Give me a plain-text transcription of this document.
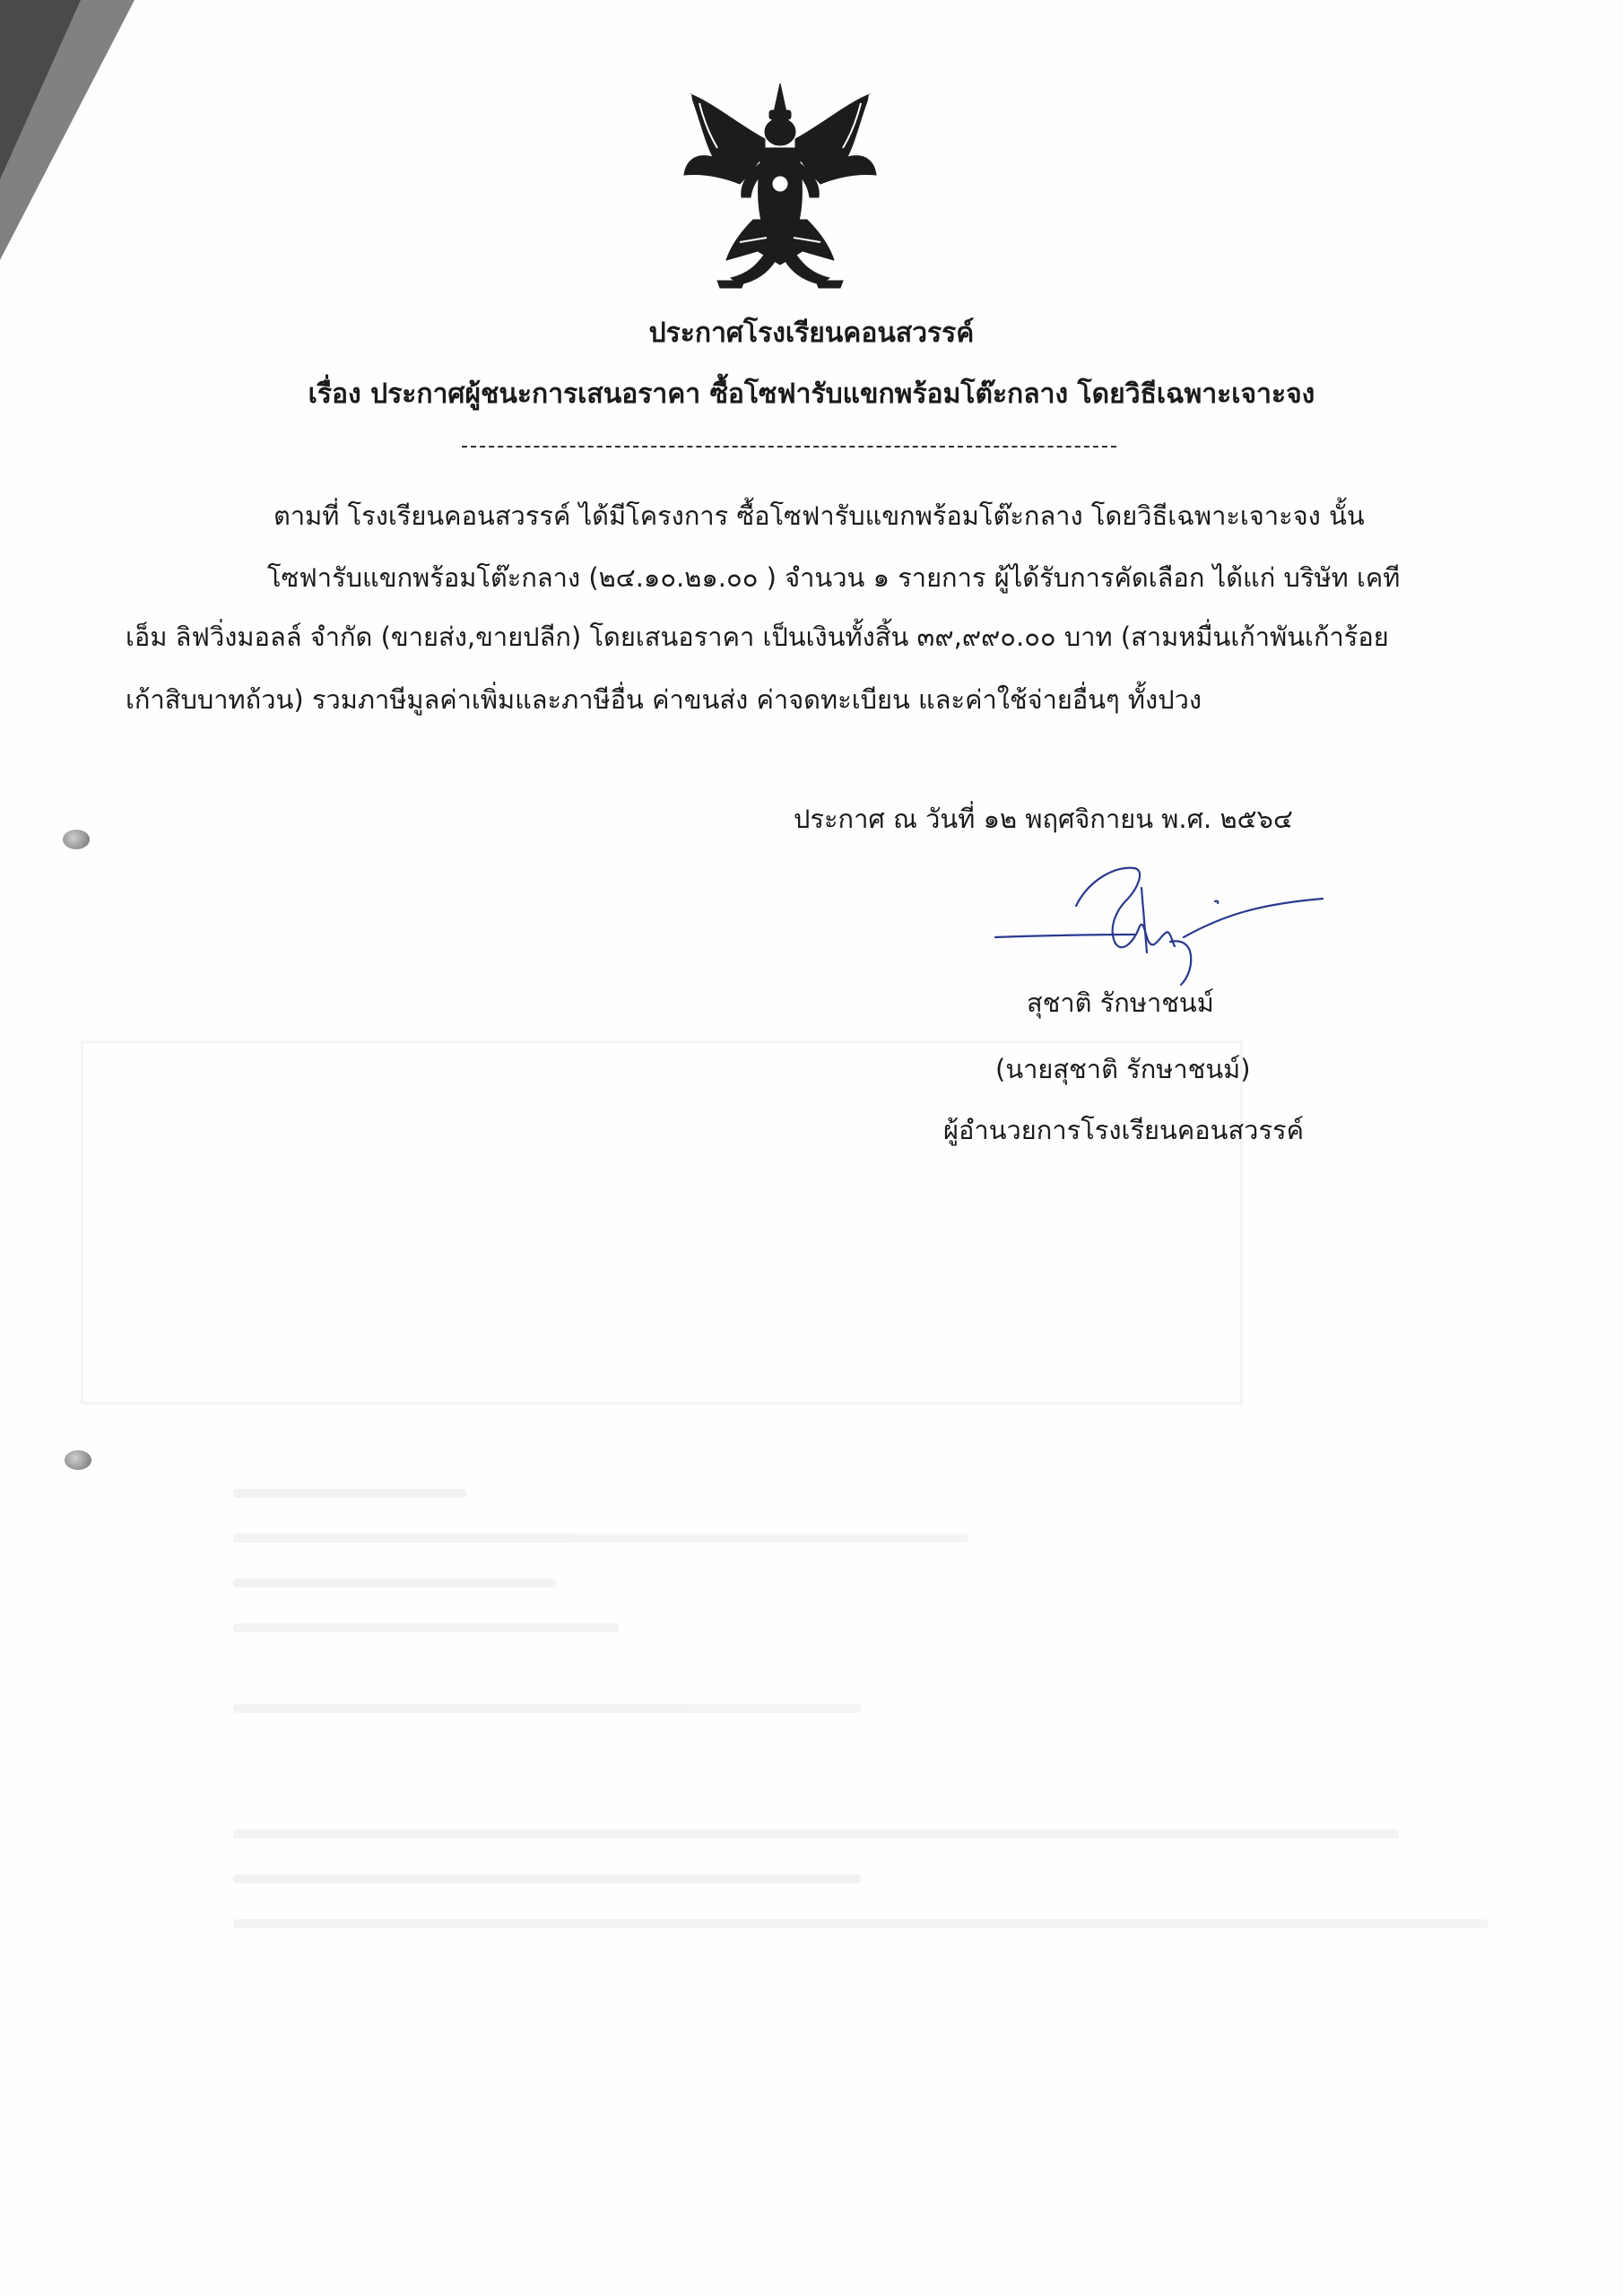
ประกาศโรงเรียนคอนสวรรค์
เรื่อง ประกาศผู้ชนะการเสนอราคา ซื้อโซฟารับแขกพร้อมโต๊ะกลาง โดยวิธีเฉพาะเจาะจง
ตามที่ โรงเรียนคอนสวรรค์ ได้มีโครงการ ซื้อโซฟารับแขกพร้อมโต๊ะกลาง โดยวิธีเฉพาะเจาะจง นั้น
โซฟารับแขกพร้อมโต๊ะกลาง (๒๔.๑๐.๒๑.๐๐ ) จำนวน ๑ รายการ ผู้ได้รับการคัดเลือก ได้แก่ บริษัท เคที
เอ็ม ลิฟวิ่งมอลล์ จำกัด (ขายส่ง,ขายปลีก) โดยเสนอราคา เป็นเงินทั้งสิ้น ๓๙,๙๙๐.๐๐ บาท (สามหมื่นเก้าพันเก้าร้อย
เก้าสิบบาทถ้วน) รวมภาษีมูลค่าเพิ่มและภาษีอื่น ค่าขนส่ง ค่าจดทะเบียน และค่าใช้จ่ายอื่นๆ ทั้งปวง
ประกาศ ณ วันที่ ๑๒ พฤศจิกายน พ.ศ. ๒๕๖๔
สุชาติ รักษาชนม์
(นายสุชาติ รักษาชนม์)
ผู้อำนวยการโรงเรียนคอนสวรรค์
